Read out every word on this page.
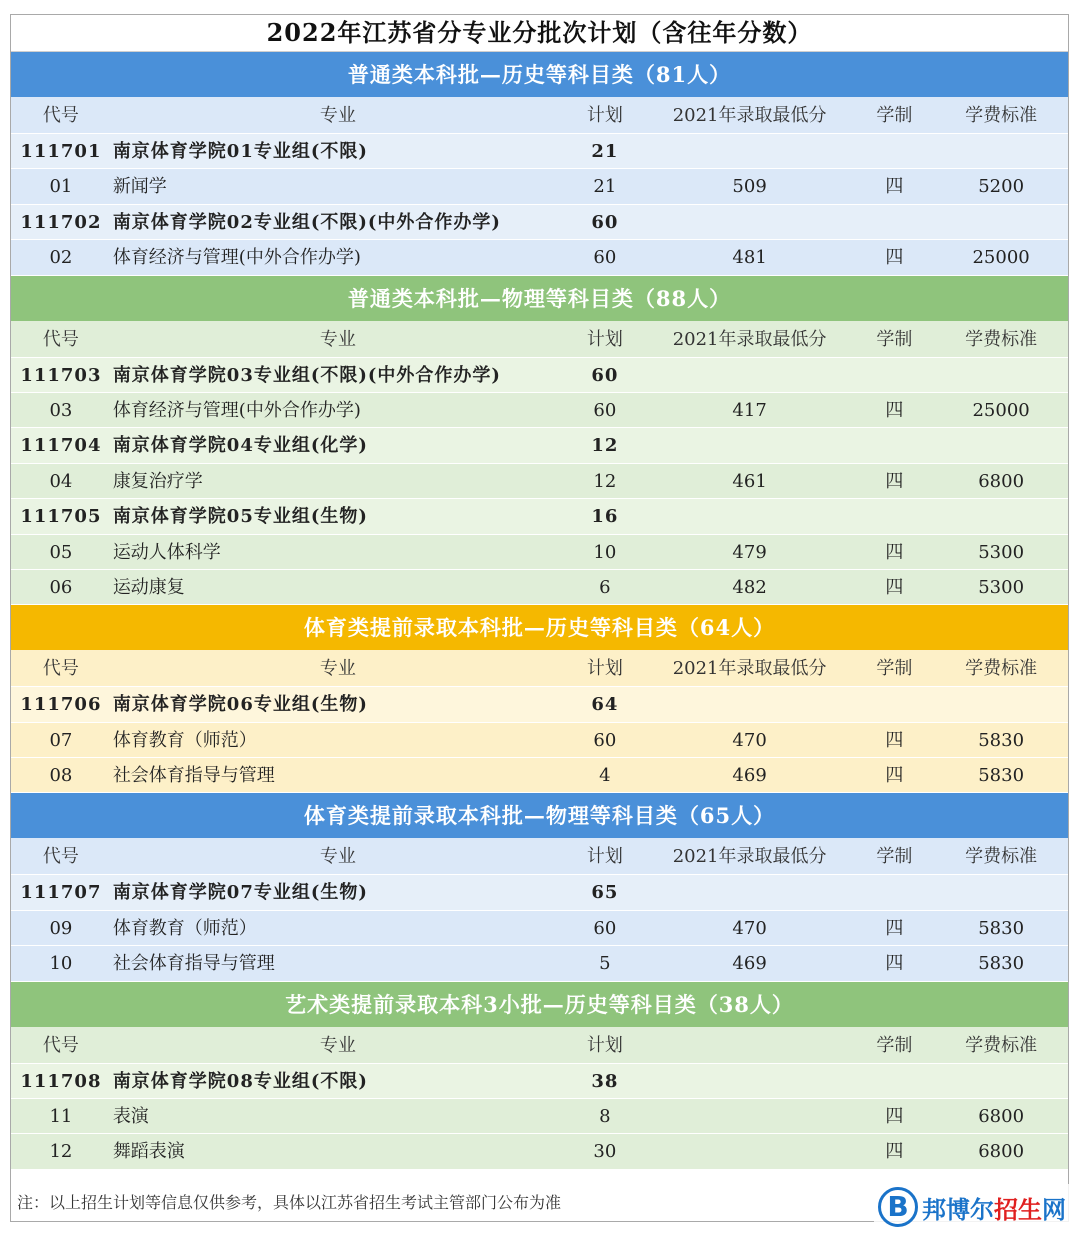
2022年江苏省分专业分批次计划（含往年分数）
普通类本科批—历史等科目类（81人）
代号	专业	计划	2021年录取最低分	学制	学费标准
111701 南京体育学院01专业组(不限)	21
01	新闻学	21	509	四	5200
111702 南京体育学院02专业组(不限)(中外合作办学)	60
02	体育经济与管理(中外合作办学)	60	481	四	25000
普通类本科批—物理等科目类（88人）
代号	专业	计划	2021年录取最低分	学制	学费标准
111703 南京体育学院03专业组(不限)(中外合作办学)	60
03	体育经济与管理(中外合作办学)	60	417	四	25000
111704 南京体育学院04专业组(化学)	12
04	康复治疗学	12	461	四	6800
111705 南京体育学院05专业组(生物)	16
05	运动人体科学	10	479	四	5300
06	运动康复	6	482	四	5300
体育类提前录取本科批—历史等科目类（64人）
代号	专业	计划	2021年录取最低分	学制	学费标准
111706 南京体育学院06专业组(生物)	64
07	体育教育（师范）	60	470	四	5830
08	社会体育指导与管理	4	469	四	5830
体育类提前录取本科批—物理等科目类（65人）
代号	专业	计划	2021年录取最低分	学制	学费标准
111707 南京体育学院07专业组(生物)	65
09	体育教育（师范）	60	470	四	5830
10	社会体育指导与管理	5	469	四	5830
艺术类提前录取本科3小批—历史等科目类（38人）
代号	专业	计划	学制	学费标准
111708 南京体育学院08专业组(不限)	38
11	表演	8	四	6800
12	舞蹈表演	30	四	6800
注：以上招生计划等信息仅供参考，具体以江苏省招生考试主管部门公布为准	B 邦博尔招生网
